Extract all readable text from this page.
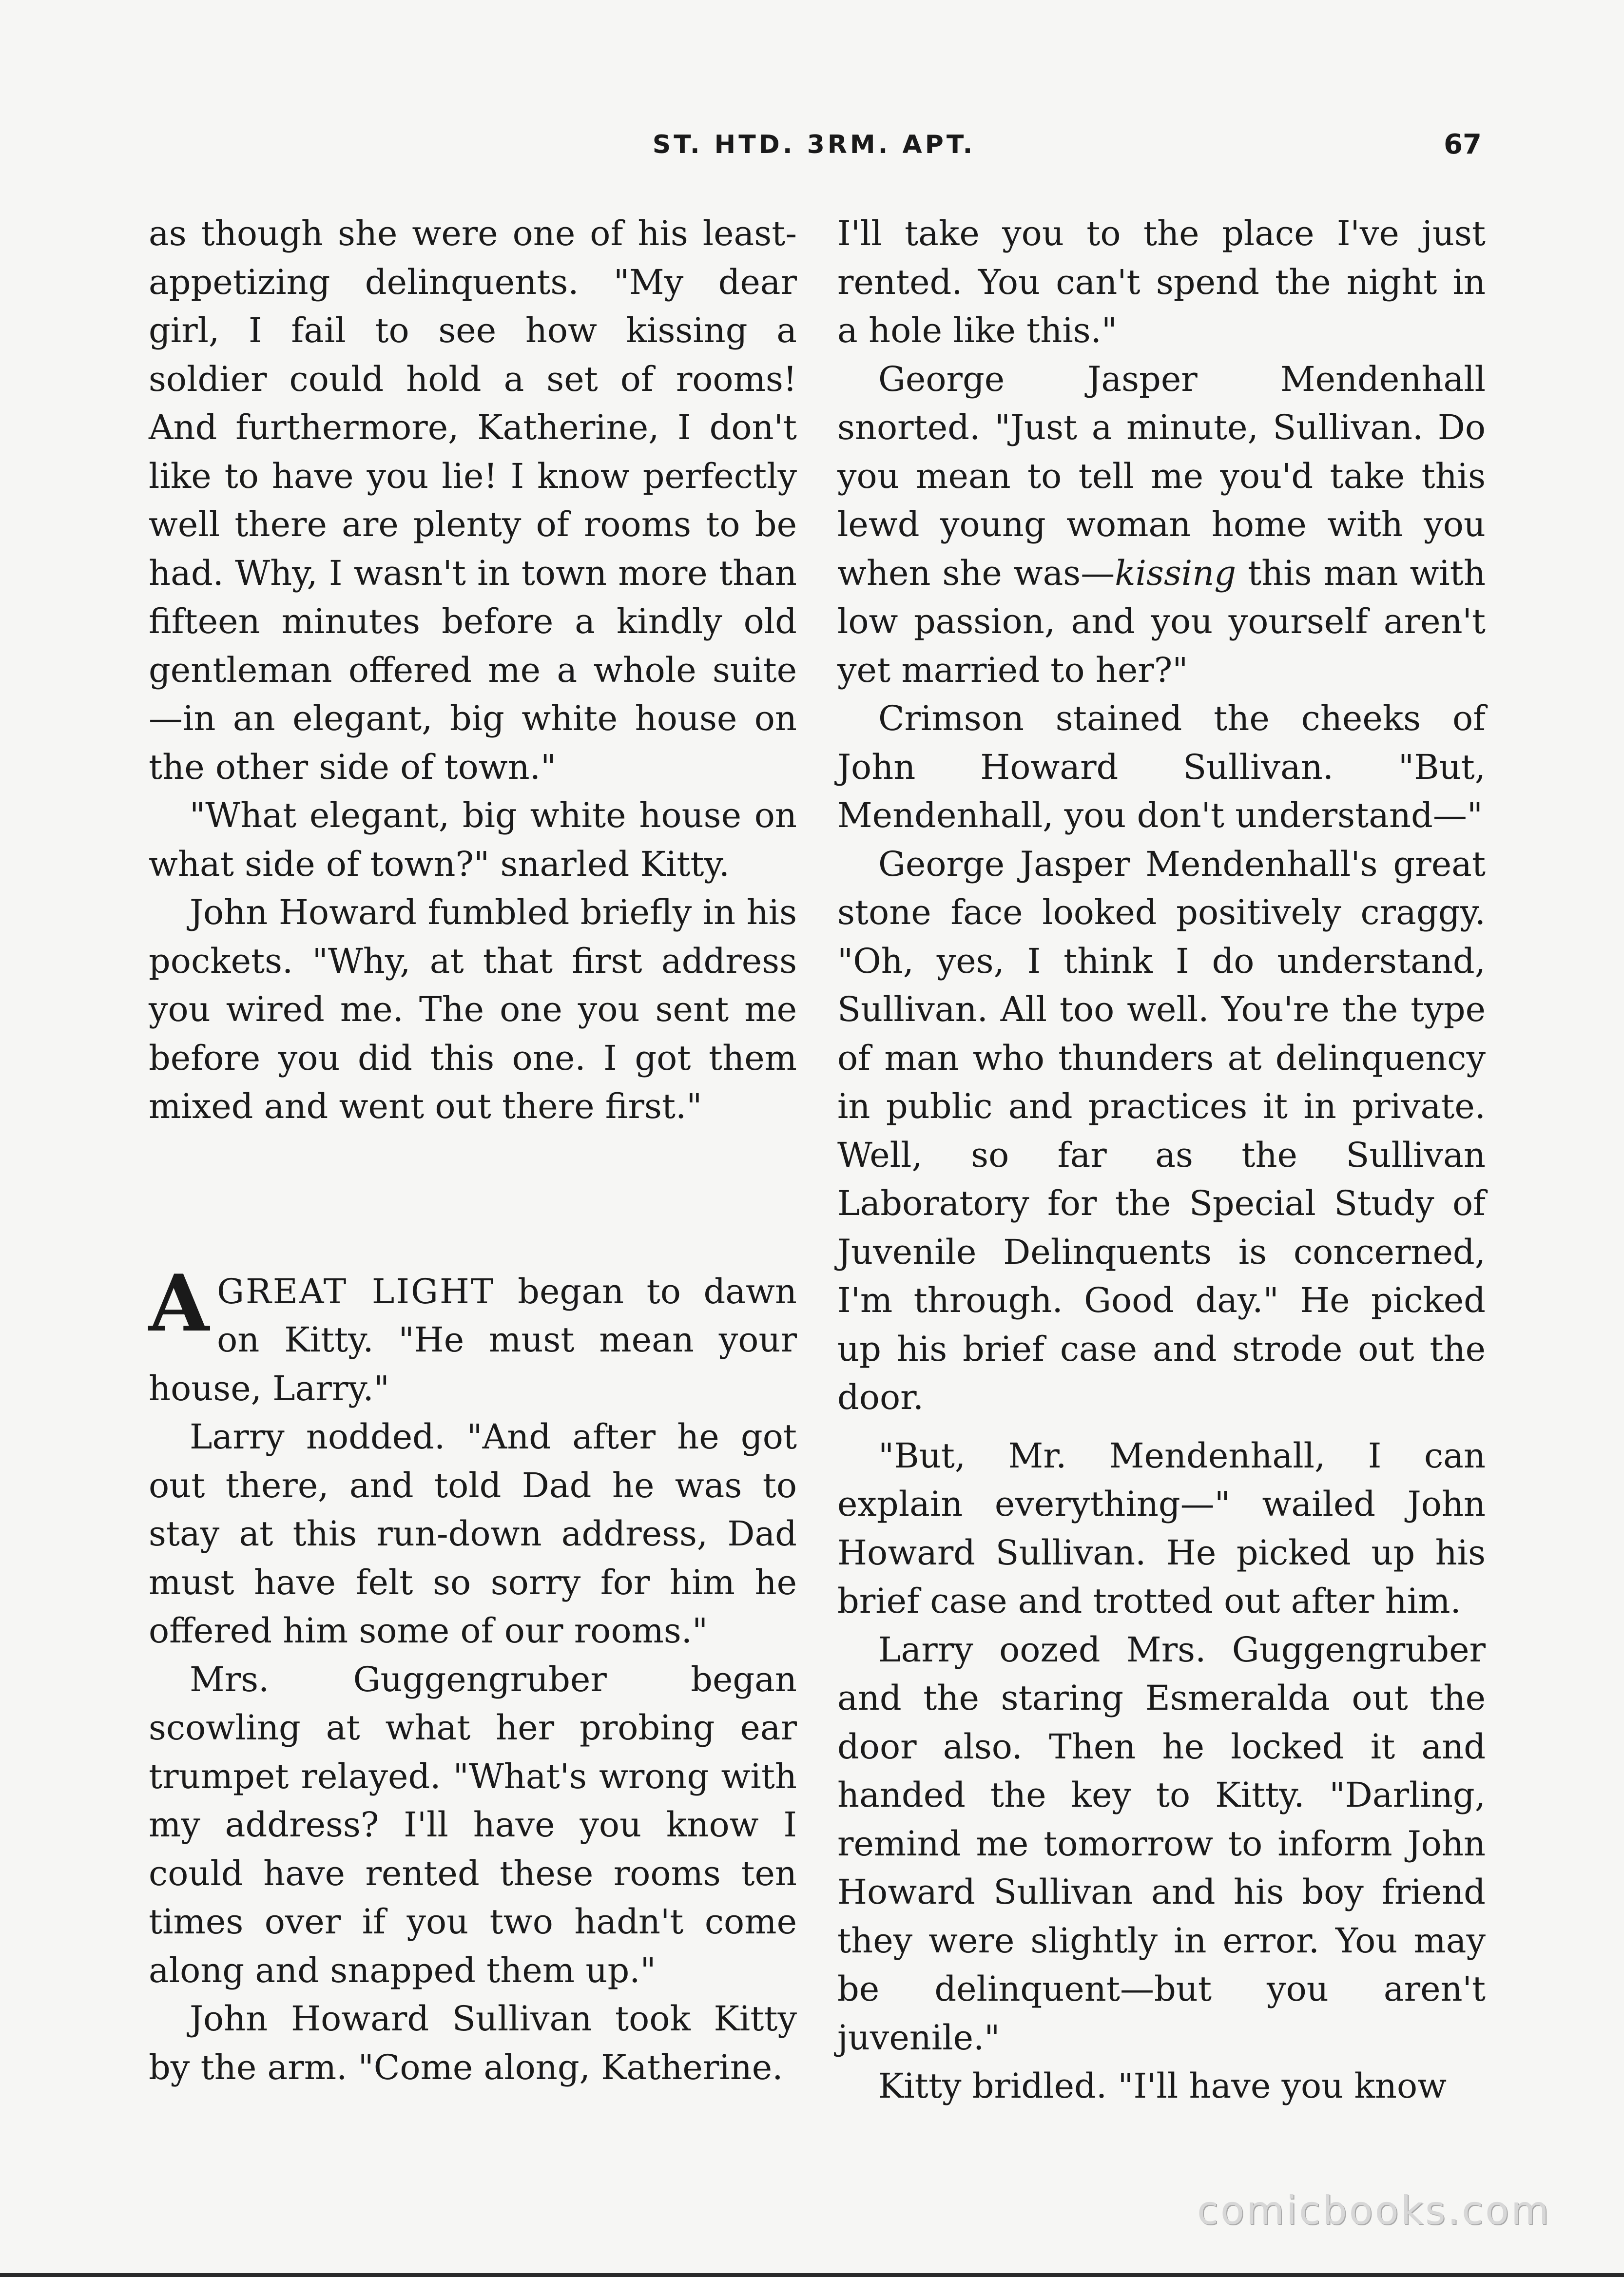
ST. HTD. 3RM. APT.	67

as though she were one of his least-appetizing delinquents. "My dear girl, I fail to see how kissing a soldier could hold a set of rooms! And furthermore, Katherine, I don't like to have you lie! I know perfectly well there are plenty of rooms to be had. Why, I wasn't in town more than fifteen minutes before a kindly old gentleman offered me a whole suite—in an elegant, big white house on the other side of town."

"What elegant, big white house on what side of town?" snarled Kitty.

John Howard fumbled briefly in his pockets. "Why, at that first address you wired me. The one you sent me before you did this one. I got them mixed and went out there first."

AGREAT LIGHT began to dawn on Kitty. "He must mean your house, Larry."

Larry nodded. "And after he got out there, and told Dad he was to stay at this run-down address, Dad must have felt so sorry for him he offered him some of our rooms."

Mrs. Guggengruber began scowling at what her probing ear trumpet relayed. "What's wrong with my address? I'll have you know I could have rented these rooms ten times over if you two hadn't come along and snapped them up."

John Howard Sullivan took Kitty by the arm. "Come along, Katherine.

I'll take you to the place I've just rented. You can't spend the night in a hole like this."

George Jasper Mendenhall snorted. "Just a minute, Sullivan. Do you mean to tell me you'd take this lewd young woman home with you when she was—kissing this man with low passion, and you yourself aren't yet married to her?"

Crimson stained the cheeks of John Howard Sullivan. "But, Mendenhall, you don't understand—"

George Jasper Mendenhall's great stone face looked positively craggy. "Oh, yes, I think I do understand, Sullivan. All too well. You're the type of man who thunders at delinquency in public and practices it in private. Well, so far as the Sullivan Laboratory for the Special Study of Juvenile Delinquents is concerned, I'm through. Good day." He picked up his brief case and strode out the door.

"But, Mr. Mendenhall, I can explain everything—" wailed John Howard Sullivan. He picked up his brief case and trotted out after him.

Larry oozed Mrs. Guggengruber and the staring Esmeralda out the door also. Then he locked it and handed the key to Kitty. "Darling, remind me tomorrow to inform John Howard Sullivan and his boy friend they were slightly in error. You may be delinquent—but you aren't juvenile."

Kitty bridled. "I'll have you know

comicbooks.com
